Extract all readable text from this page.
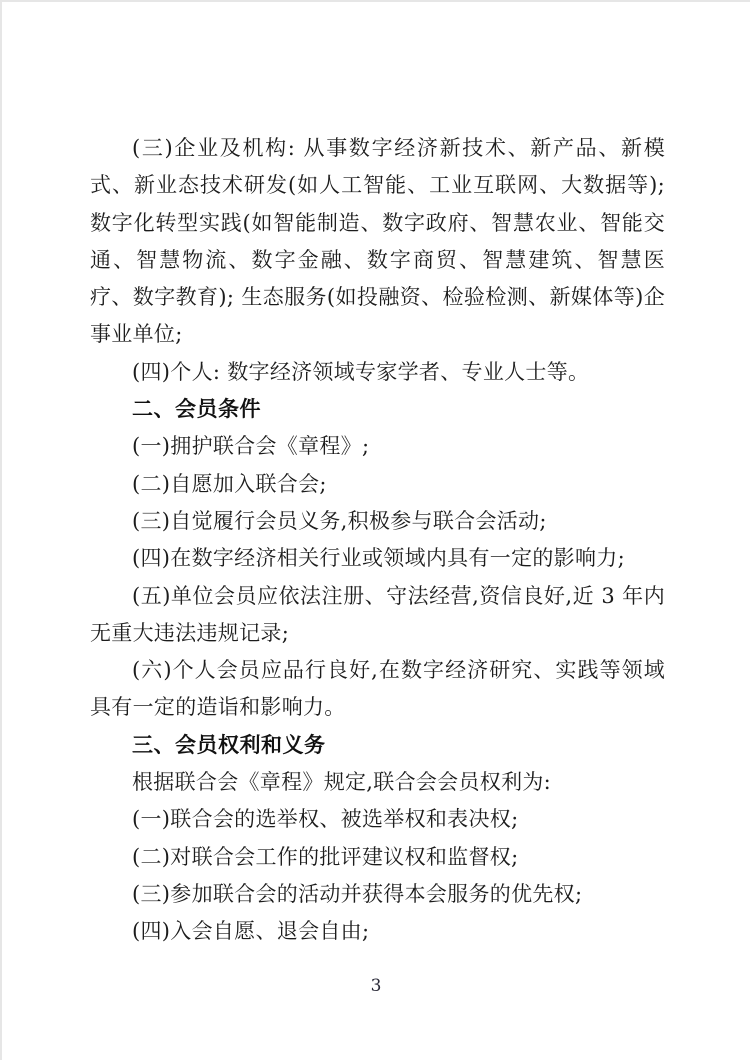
(三)企业及机构: 从事数字经济新技术、新产品、新模式、新业态技术研发(如人工智能、工业互联网、大数据等); 数字化转型实践(如智能制造、数字政府、智慧农业、智能交通、智慧物流、数字金融、数字商贸、智慧建筑、智慧医疗、数字教育); 生态服务(如投融资、检验检测、新媒体等)企事业单位;

(四)个人: 数字经济领域专家学者、专业人士等。

二、会员条件

(一)拥护联合会《章程》;

(二)自愿加入联合会;

(三)自觉履行会员义务,积极参与联合会活动;

(四)在数字经济相关行业或领域内具有一定的影响力;

(五)单位会员应依法注册、守法经营,资信良好,近 3 年内无重大违法违规记录;

(六)个人会员应品行良好,在数字经济研究、实践等领域具有一定的造诣和影响力。

三、会员权利和义务

根据联合会《章程》规定,联合会会员权利为:

(一)联合会的选举权、被选举权和表决权;

(二)对联合会工作的批评建议权和监督权;

(三)参加联合会的活动并获得本会服务的优先权;

(四)入会自愿、退会自由;

3
